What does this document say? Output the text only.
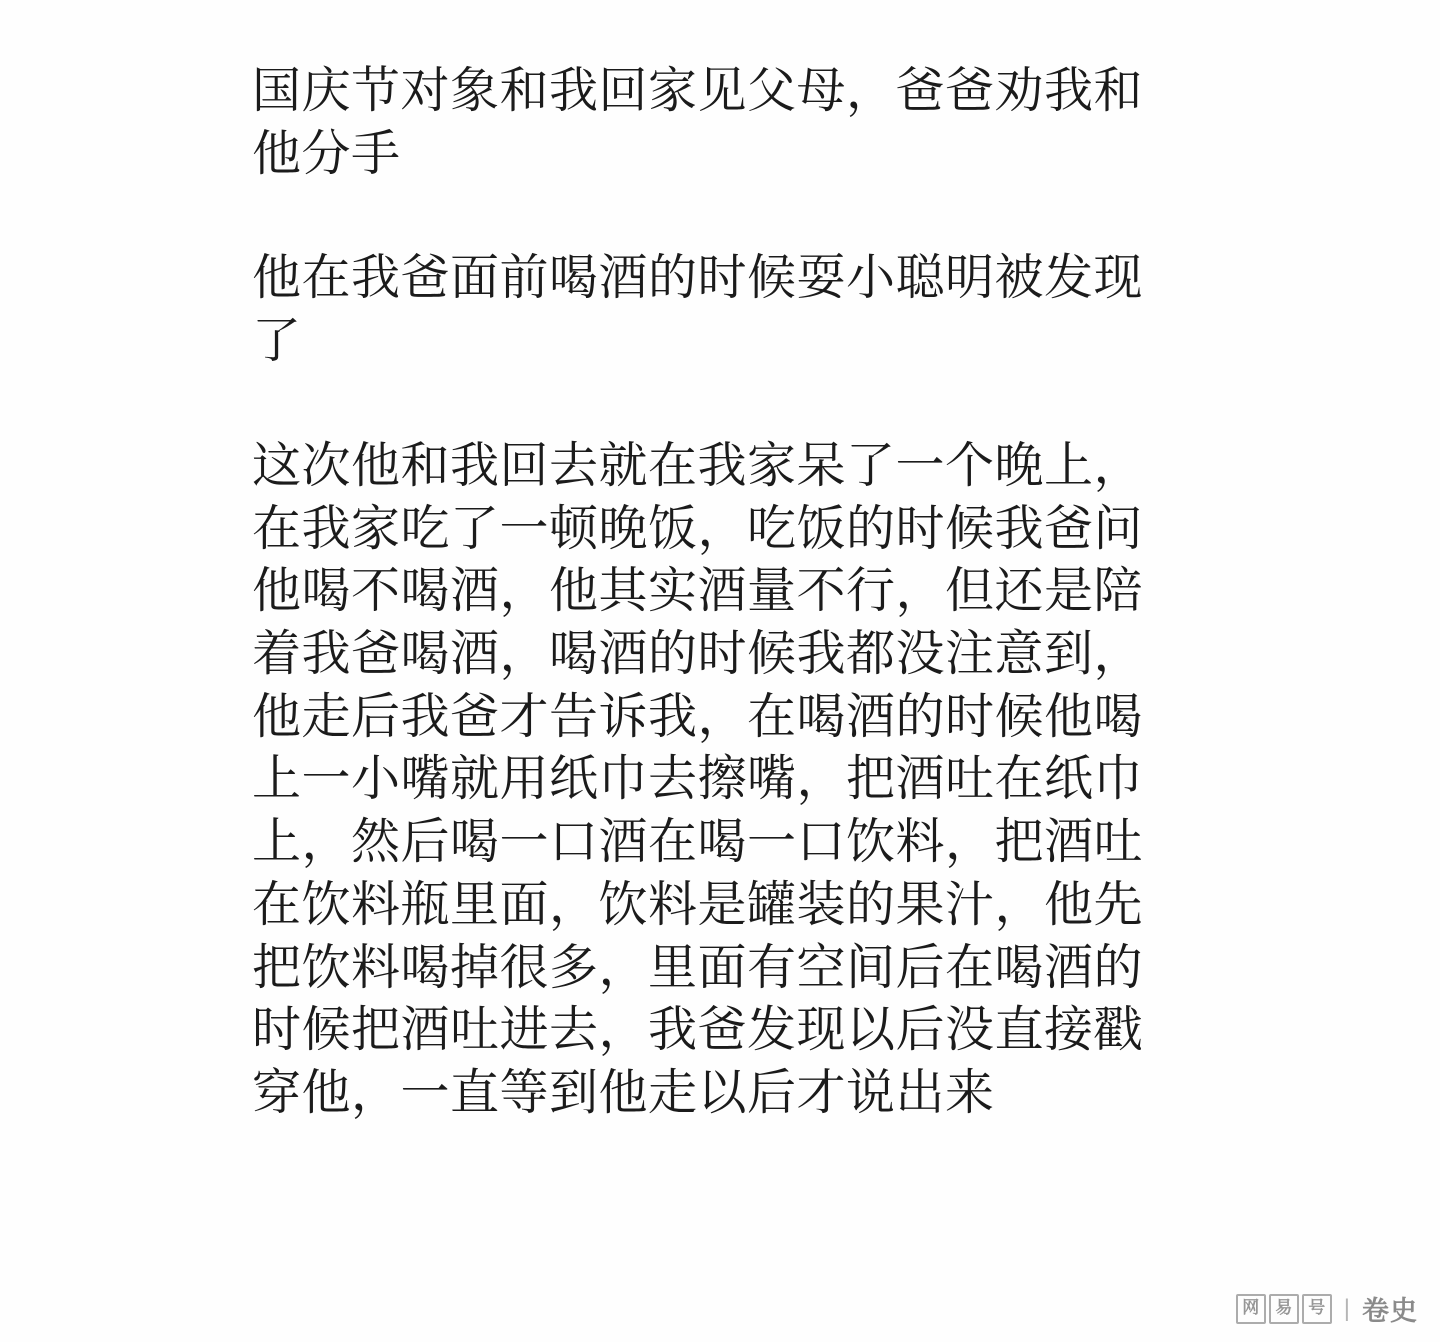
国庆节对象和我回家见父母，爸爸劝我和他分手

他在我爸面前喝酒的时候耍小聪明被发现了

这次他和我回去就在我家呆了一个晚上，在我家吃了一顿晚饭，吃饭的时候我爸问他喝不喝酒，他其实酒量不行，但还是陪着我爸喝酒，喝酒的时候我都没注意到，他走后我爸才告诉我，在喝酒的时候他喝上一小嘴就用纸巾去擦嘴，把酒吐在纸巾上，然后喝一口酒在喝一口饮料，把酒吐在饮料瓶里面，饮料是罐装的果汁，他先把饮料喝掉很多，里面有空间后在喝酒的时候把酒吐进去，我爸发现以后没直接戳穿他，一直等到他走以后才说出来

网 易 号 | 卷史
